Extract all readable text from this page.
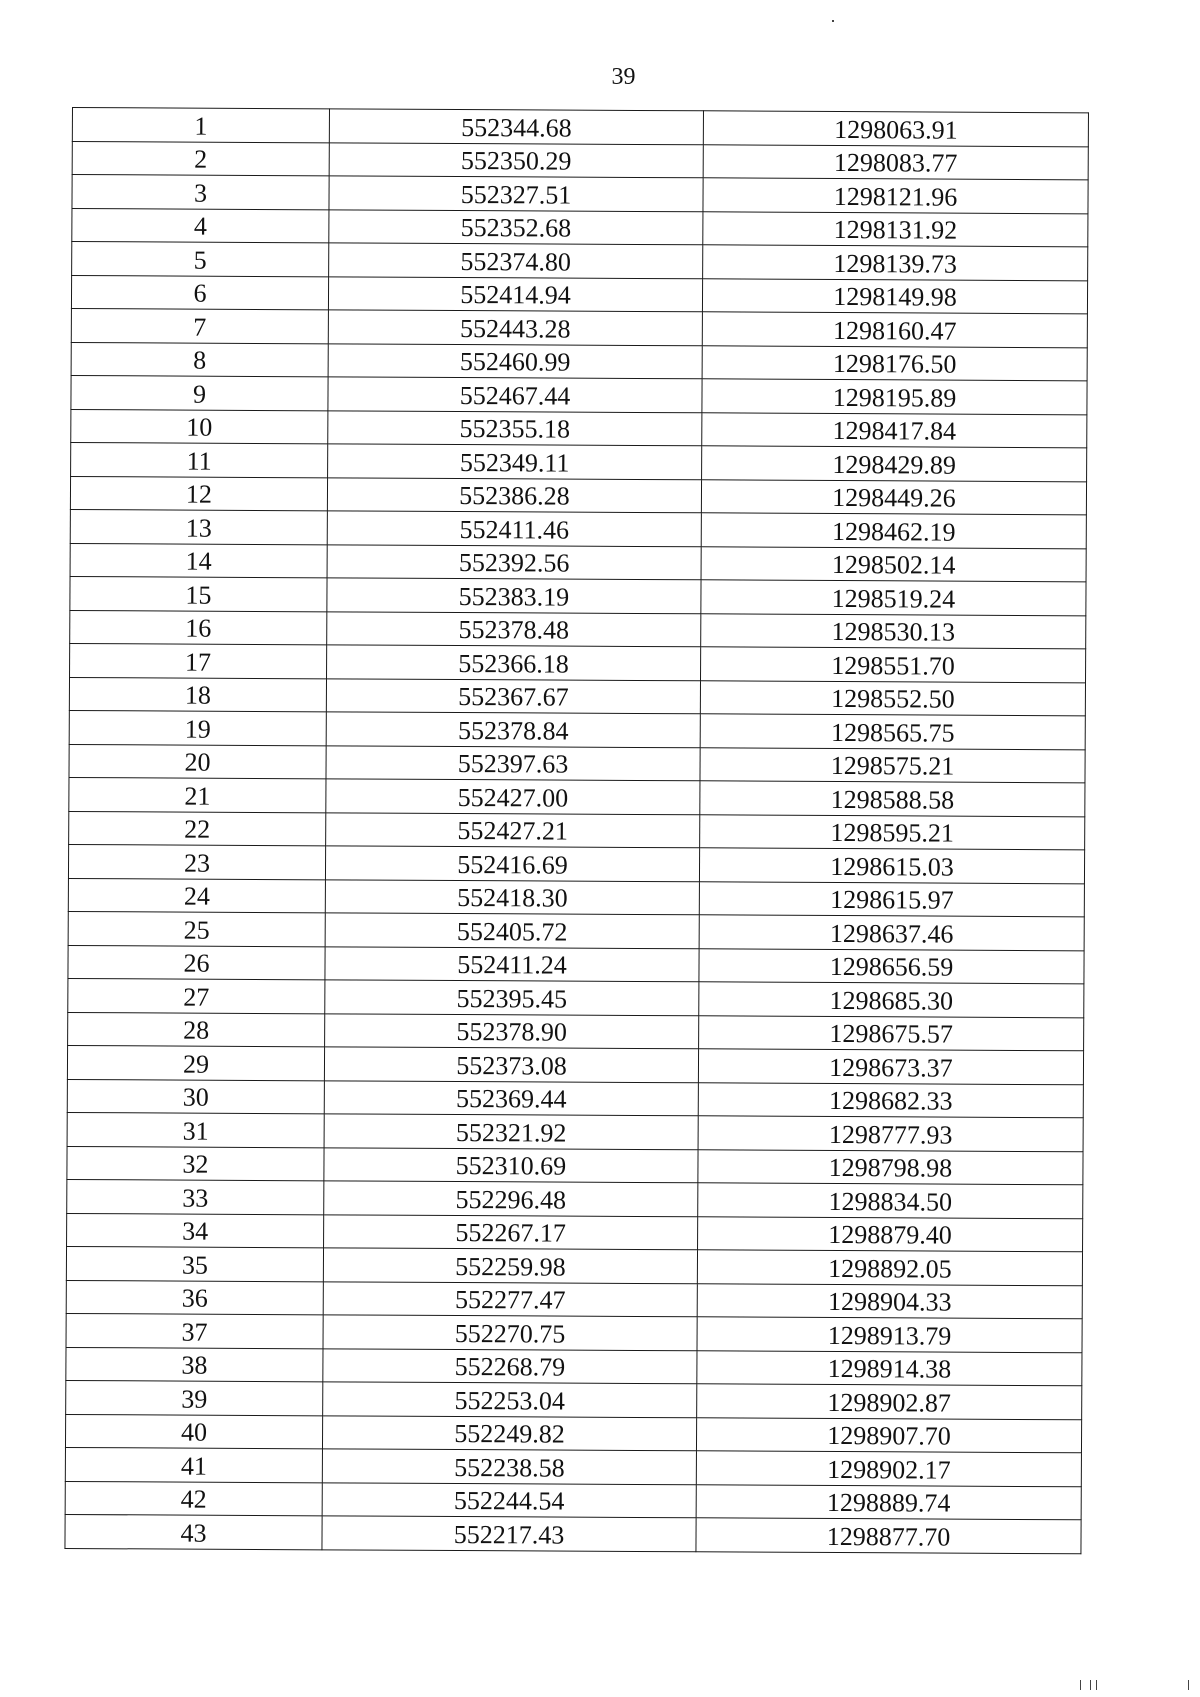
39
1	552344.68	1298063.91
2	552350.29	1298083.77
3	552327.51	1298121.96
4	552352.68	1298131.92
5	552374.80	1298139.73
6	552414.94	1298149.98
7	552443.28	1298160.47
8	552460.99	1298176.50
9	552467.44	1298195.89
10	552355.18	1298417.84
11	552349.11	1298429.89
12	552386.28	1298449.26
13	552411.46	1298462.19
14	552392.56	1298502.14
15	552383.19	1298519.24
16	552378.48	1298530.13
17	552366.18	1298551.70
18	552367.67	1298552.50
19	552378.84	1298565.75
20	552397.63	1298575.21
21	552427.00	1298588.58
22	552427.21	1298595.21
23	552416.69	1298615.03
24	552418.30	1298615.97
25	552405.72	1298637.46
26	552411.24	1298656.59
27	552395.45	1298685.30
28	552378.90	1298675.57
29	552373.08	1298673.37
30	552369.44	1298682.33
31	552321.92	1298777.93
32	552310.69	1298798.98
33	552296.48	1298834.50
34	552267.17	1298879.40
35	552259.98	1298892.05
36	552277.47	1298904.33
37	552270.75	1298913.79
38	552268.79	1298914.38
39	552253.04	1298902.87
40	552249.82	1298907.70
41	552238.58	1298902.17
42	552244.54	1298889.74
43	552217.43	1298877.70
